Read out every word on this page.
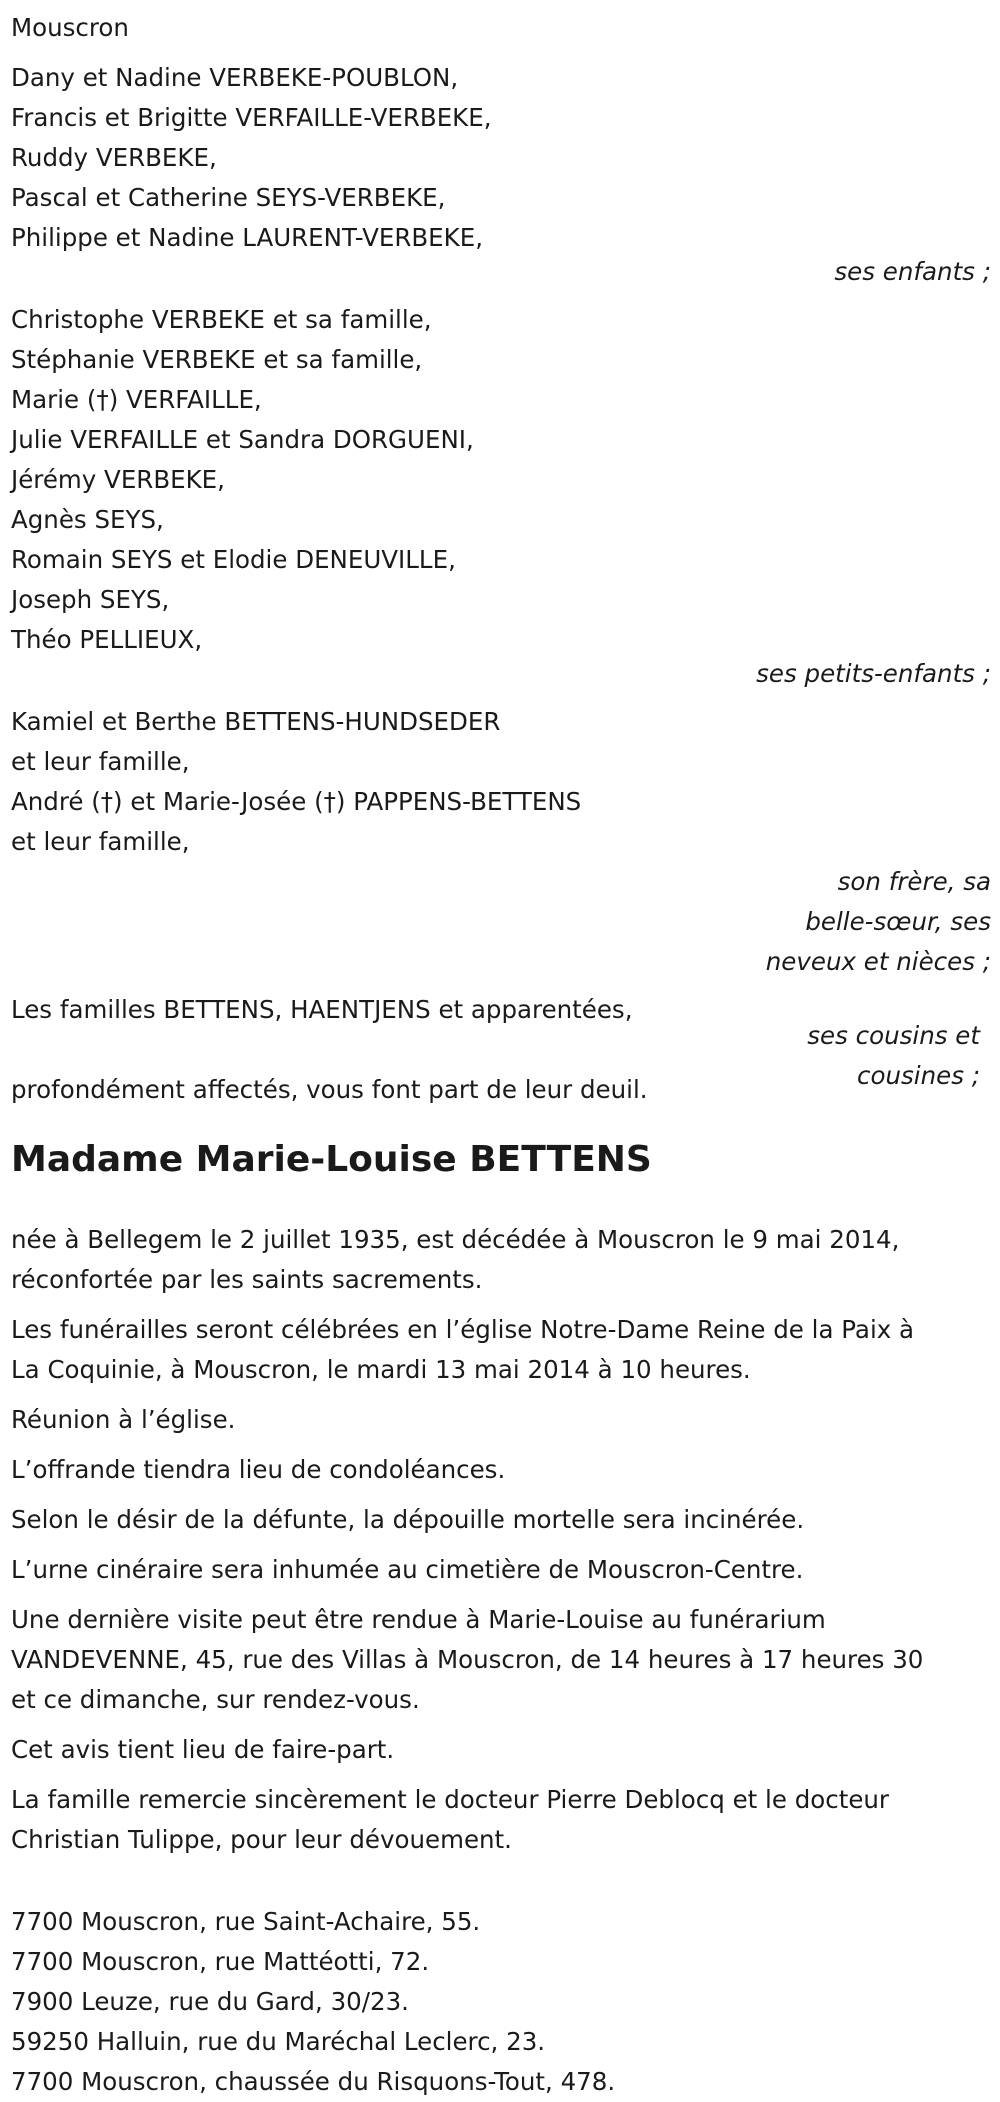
Mouscron
Dany et Nadine VERBEKE-POUBLON,
Francis et Brigitte VERFAILLE-VERBEKE,
Ruddy VERBEKE,
Pascal et Catherine SEYS-VERBEKE,
Philippe et Nadine LAURENT-VERBEKE,
ses enfants ;
Christophe VERBEKE et sa famille,
Stéphanie VERBEKE et sa famille,
Marie (†) VERFAILLE,
Julie VERFAILLE et Sandra DORGUENI,
Jérémy VERBEKE,
Agnès SEYS,
Romain SEYS et Elodie DENEUVILLE,
Joseph SEYS,
Théo PELLIEUX,
ses petits-enfants ;
Kamiel et Berthe BETTENS-HUNDSEDER
et leur famille,
André (†) et Marie-Josée (†) PAPPENS-BETTENS
et leur famille,
son frère, sa
belle-sœur, ses
neveux et nièces ;
Les familles BETTENS, HAENTJENS et apparentées,
profondément affectés, vous font part de leur deuil.
ses cousins et
cousines ;
Madame Marie-Louise BETTENS
née à Bellegem le 2 juillet 1935, est décédée à Mouscron le 9 mai 2014,
réconfortée par les saints sacrements.
Les funérailles seront célébrées en l’église Notre-Dame Reine de la Paix à
La Coquinie, à Mouscron, le mardi 13 mai 2014 à 10 heures.
Réunion à l’église.
L’offrande tiendra lieu de condoléances.
Selon le désir de la défunte, la dépouille mortelle sera incinérée.
L’urne cinéraire sera inhumée au cimetière de Mouscron-Centre.
Une dernière visite peut être rendue à Marie-Louise au funérarium
VANDEVENNE, 45, rue des Villas à Mouscron, de 14 heures à 17 heures 30
et ce dimanche, sur rendez-vous.
Cet avis tient lieu de faire-part.
La famille remercie sincèrement le docteur Pierre Deblocq et le docteur
Christian Tulippe, pour leur dévouement.
7700 Mouscron, rue Saint-Achaire, 55.
7700 Mouscron, rue Mattéotti, 72.
7900 Leuze, rue du Gard, 30/23.
59250 Halluin, rue du Maréchal Leclerc, 23.
7700 Mouscron, chaussée du Risquons-Tout, 478.
